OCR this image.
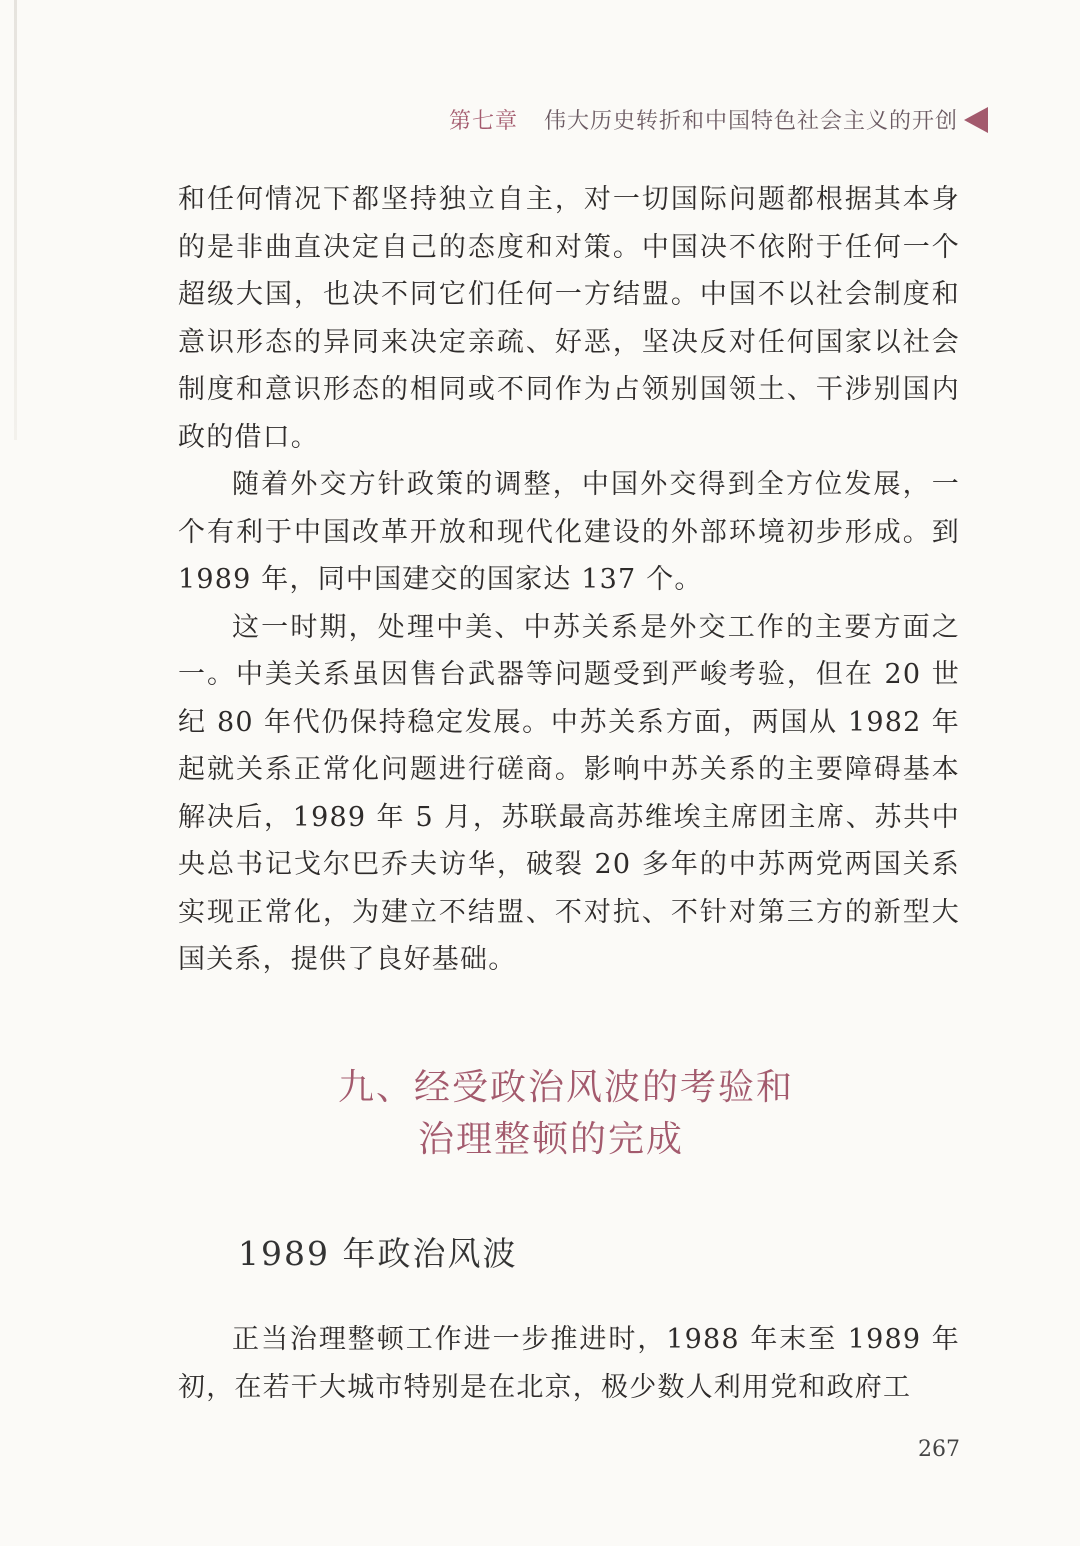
第七章 伟大历史转折和中国特色社会主义的开创

和任何情况下都坚持独立自主，对一切国际问题都根据其本身的是非曲直决定自己的态度和对策。中国决不依附于任何一个超级大国，也决不同它们任何一方结盟。中国不以社会制度和意识形态的异同来决定亲疏、好恶，坚决反对任何国家以社会制度和意识形态的相同或不同作为占领别国领土、干涉别国内政的借口。

随着外交方针政策的调整，中国外交得到全方位发展，一个有利于中国改革开放和现代化建设的外部环境初步形成。到 1989 年，同中国建交的国家达 137 个。

这一时期，处理中美、中苏关系是外交工作的主要方面之一。中美关系虽因售台武器等问题受到严峻考验，但在 20 世纪 80 年代仍保持稳定发展。中苏关系方面，两国从 1982 年起就关系正常化问题进行磋商。影响中苏关系的主要障碍基本解决后，1989 年 5 月，苏联最高苏维埃主席团主席、苏共中央总书记戈尔巴乔夫访华，破裂 20 多年的中苏两党两国关系实现正常化，为建立不结盟、不对抗、不针对第三方的新型大国关系，提供了良好基础。

九、经受政治风波的考验和
治理整顿的完成
1989 年政治风波

正当治理整顿工作进一步推进时，1988 年末至 1989 年初，在若干大城市特别是在北京，极少数人利用党和政府工

267
